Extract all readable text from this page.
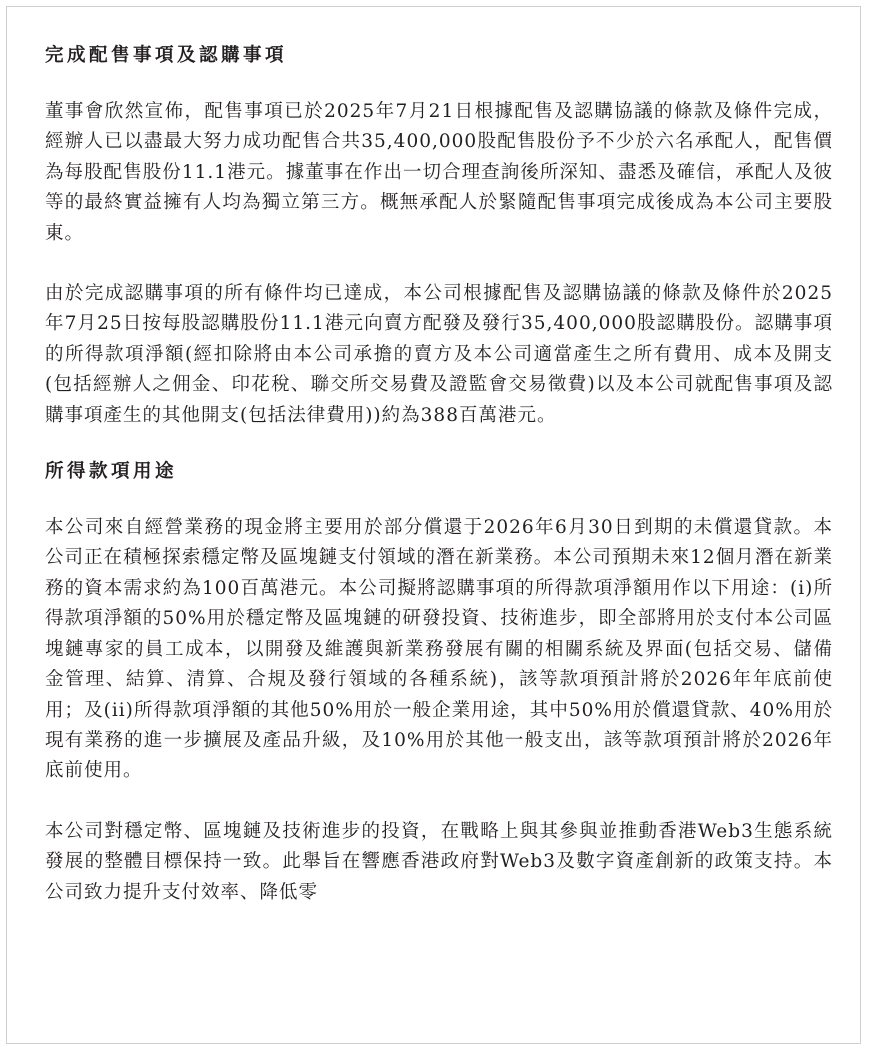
完成配售事項及認購事項

董事會欣然宣佈，配售事項已於2025年7月21日根據配售及認購協議的條款及條件完成，經辦人已以盡最大努力成功配售合共35,400,000股配售股份予不少於六名承配人，配售價為每股配售股份11.1港元。據董事在作出一切合理查詢後所深知、盡悉及確信，承配人及彼等的最終實益擁有人均為獨立第三方。概無承配人於緊隨配售事項完成後成為本公司主要股東。

由於完成認購事項的所有條件均已達成，本公司根據配售及認購協議的條款及條件於2025年7月25日按每股認購股份11.1港元向賣方配發及發行35,400,000股認購股份。認購事項的所得款項淨額(經扣除將由本公司承擔的賣方及本公司適當產生之所有費用、成本及開支(包括經辦人之佣金、印花稅、聯交所交易費及證監會交易徵費)以及本公司就配售事項及認購事項產生的其他開支(包括法律費用))約為388百萬港元。

所得款項用途

本公司來自經營業務的現金將主要用於部分償還于2026年6月30日到期的未償還貸款。本公司正在積極探索穩定幣及區塊鏈支付領域的潛在新業務。本公司預期未來12個月潛在新業務的資本需求約為100百萬港元。本公司擬將認購事項的所得款項淨額用作以下用途：(i)所得款項淨額的50%用於穩定幣及區塊鏈的研發投資、技術進步，即全部將用於支付本公司區塊鏈專家的員工成本，以開發及維護與新業務發展有關的相關系統及界面(包括交易、儲備金管理、結算、清算、合規及發行領域的各種系統)，該等款項預計將於2026年年底前使用；及(ii)所得款項淨額的其他50%用於一般企業用途，其中50%用於償還貸款、40%用於現有業務的進一步擴展及產品升級，及10%用於其他一般支出，該等款項預計將於2026年底前使用。

本公司對穩定幣、區塊鏈及技術進步的投資，在戰略上與其參與並推動香港Web3生態系統發展的整體目標保持一致。此舉旨在響應香港政府對Web3及數字資產創新的政策支持。本公司致力提升支付效率、降低零
